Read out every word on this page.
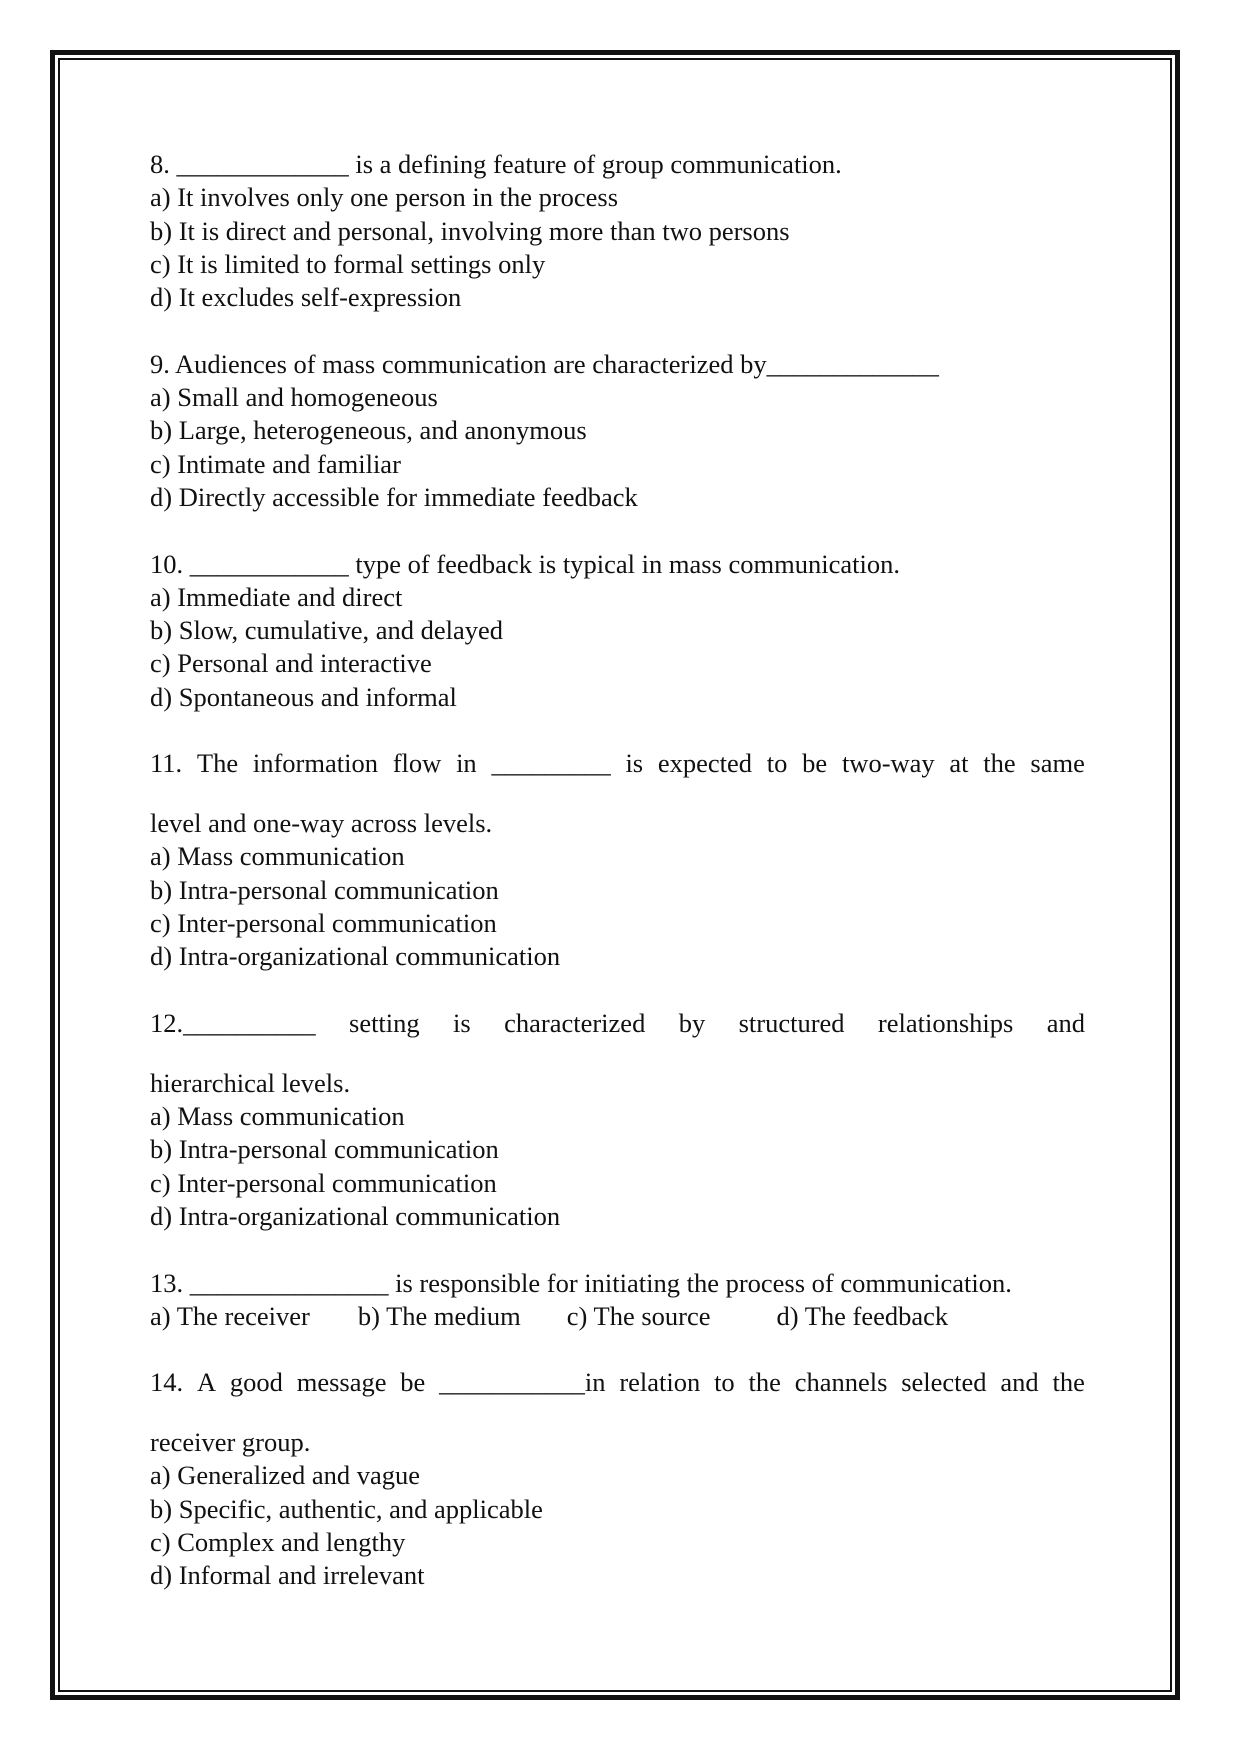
8. _____________ is a defining feature of group communication.

a) It involves only one person in the process

b) It is direct and personal, involving more than two persons

c) It is limited to formal settings only

d) It excludes self-expression

9. Audiences of mass communication are characterized by_____________

a) Small and homogeneous

b) Large, heterogeneous, and anonymous

c) Intimate and familiar

d) Directly accessible for immediate feedback

10. ____________ type of feedback is typical in mass communication.

a) Immediate and direct

b) Slow, cumulative, and delayed

c) Personal and interactive

d) Spontaneous and informal

11. The information flow in _________ is expected to be two-way at the same

level and one-way across levels.

a) Mass communication

b) Intra-personal communication

c) Inter-personal communication

d) Intra-organizational communication

12.__________ setting is characterized by structured relationships and

hierarchical levels.

a) Mass communication

b) Intra-personal communication

c) Inter-personal communication

d) Intra-organizational communication

13. _______________ is responsible for initiating the process of communication.

a) The receiver b) The medium c) The source d) The feedback

14. A good message be ___________in relation to the channels selected and the

receiver group.

a) Generalized and vague

b) Specific, authentic, and applicable

c) Complex and lengthy

d) Informal and irrelevant
